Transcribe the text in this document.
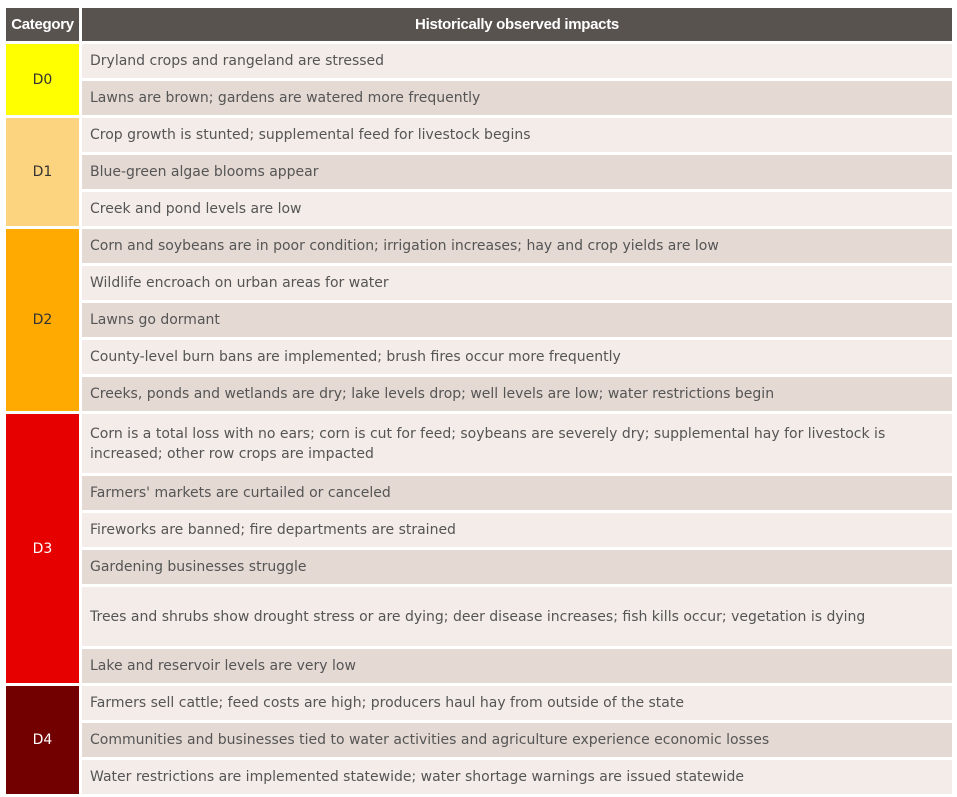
Category	Historically observed impacts
D0	Dryland crops and rangeland are stressed
	Lawns are brown; gardens are watered more frequently
D1	Crop growth is stunted; supplemental feed for livestock begins
	Blue-green algae blooms appear
	Creek and pond levels are low
D2	Corn and soybeans are in poor condition; irrigation increases; hay and crop yields are low
	Wildlife encroach on urban areas for water
	Lawns go dormant
	County-level burn bans are implemented; brush fires occur more frequently
	Creeks, ponds and wetlands are dry; lake levels drop; well levels are low; water restrictions begin
D3	Corn is a total loss with no ears; corn is cut for feed; soybeans are severely dry; supplemental hay for livestock is increased; other row crops are impacted
	Farmers' markets are curtailed or canceled
	Fireworks are banned; fire departments are strained
	Gardening businesses struggle
	Trees and shrubs show drought stress or are dying; deer disease increases; fish kills occur; vegetation is dying
	Lake and reservoir levels are very low
D4	Farmers sell cattle; feed costs are high; producers haul hay from outside of the state
	Communities and businesses tied to water activities and agriculture experience economic losses
	Water restrictions are implemented statewide; water shortage warnings are issued statewide
